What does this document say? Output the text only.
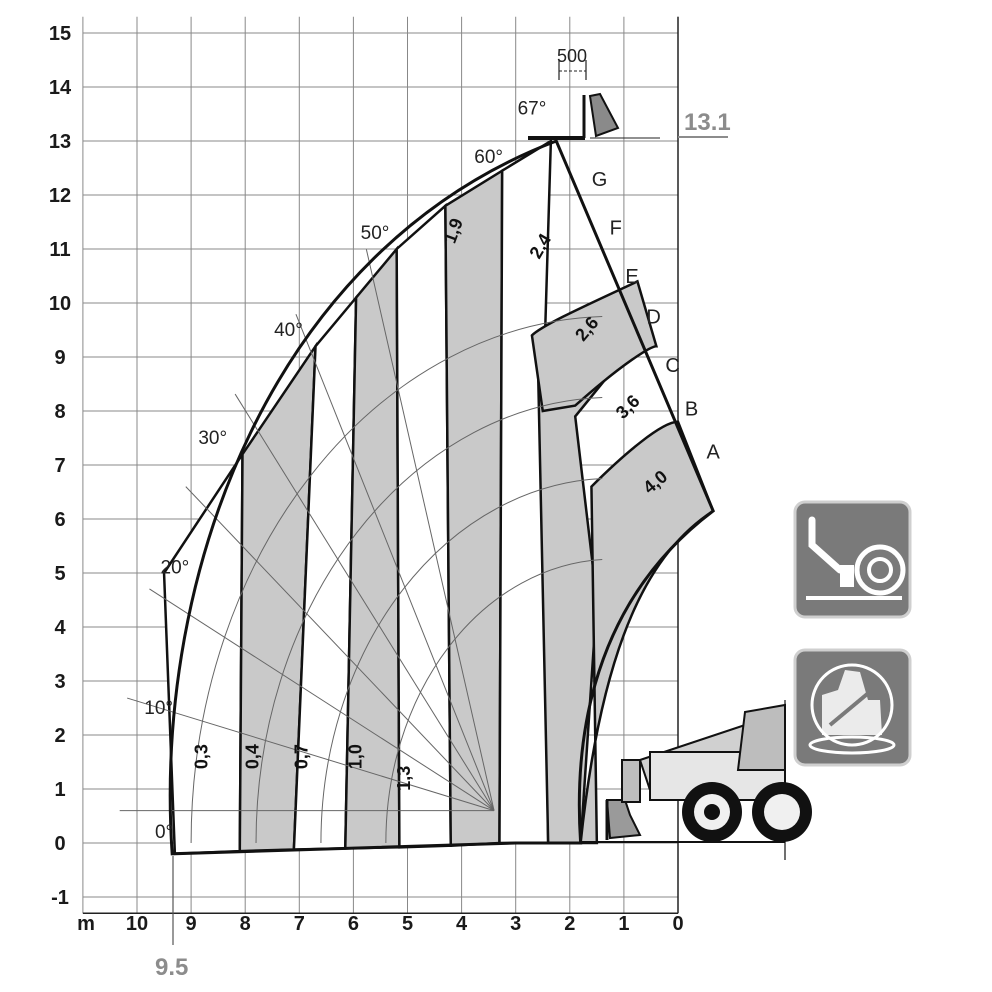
-1
0
1
2
3
4
5
6
7
8
9
10
11
12
13
14
15
10 9 8 7 6 5 4 3 2 1 0
m
0°
10°
20°
30°
40°
50°
60°
67°
A
B
C
D
E
F
G
0,3 0,4 0,7 1,0
1,3
1,9	2,4
2,6
3,6
4,0
500
13.1
9.5
